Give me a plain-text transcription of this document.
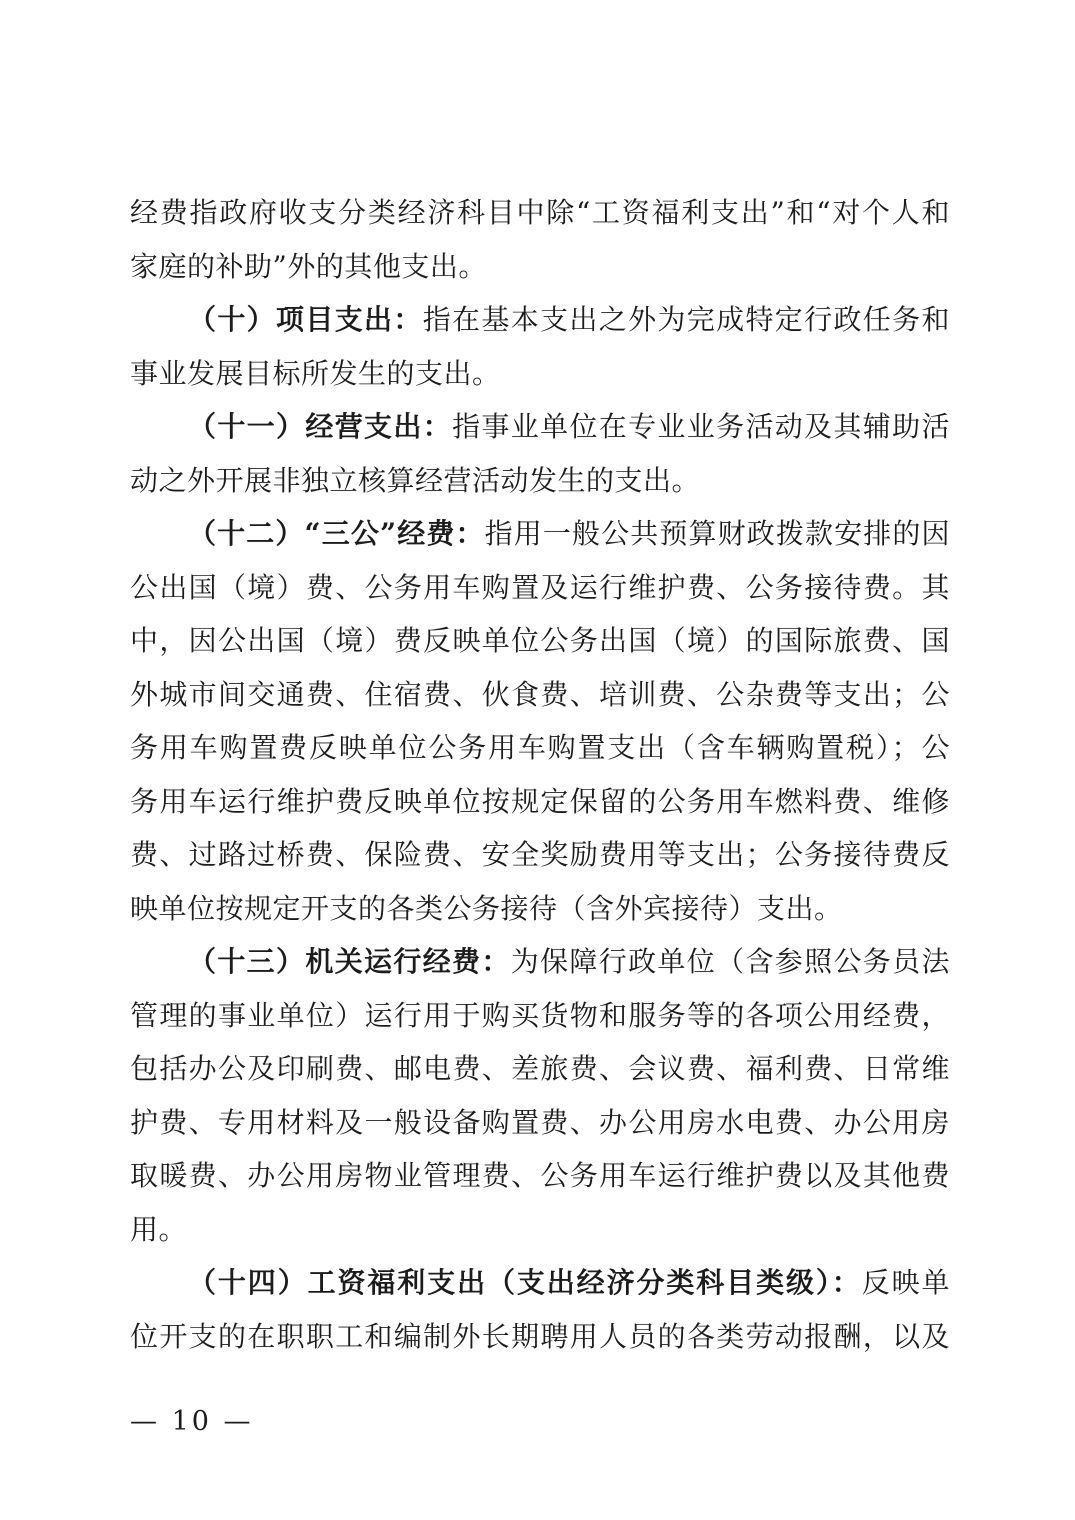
经费指政府收支分类经济科目中除“工资福利支出”和“对个人和
家庭的补助”外的其他支出。
（十）项目支出：指在基本支出之外为完成特定行政任务和
事业发展目标所发生的支出。
（十一）经营支出：指事业单位在专业业务活动及其辅助活
动之外开展非独立核算经营活动发生的支出。
（十二）“三公”经费：指用一般公共预算财政拨款安排的因
公出国（境）费、公务用车购置及运行维护费、公务接待费。其
中，因公出国（境）费反映单位公务出国（境）的国际旅费、国
外城市间交通费、住宿费、伙食费、培训费、公杂费等支出；公
务用车购置费反映单位公务用车购置支出（含车辆购置税）；公
务用车运行维护费反映单位按规定保留的公务用车燃料费、维修
费、过路过桥费、保险费、安全奖励费用等支出；公务接待费反
映单位按规定开支的各类公务接待（含外宾接待）支出。
（十三）机关运行经费：为保障行政单位（含参照公务员法
管理的事业单位）运行用于购买货物和服务等的各项公用经费，
包括办公及印刷费、邮电费、差旅费、会议费、福利费、日常维
护费、专用材料及一般设备购置费、办公用房水电费、办公用房
取暖费、办公用房物业管理费、公务用车运行维护费以及其他费
用。
（十四）工资福利支出（支出经济分类科目类级）：反映单
位开支的在职职工和编制外长期聘用人员的各类劳动报酬，以及
— 10 —
